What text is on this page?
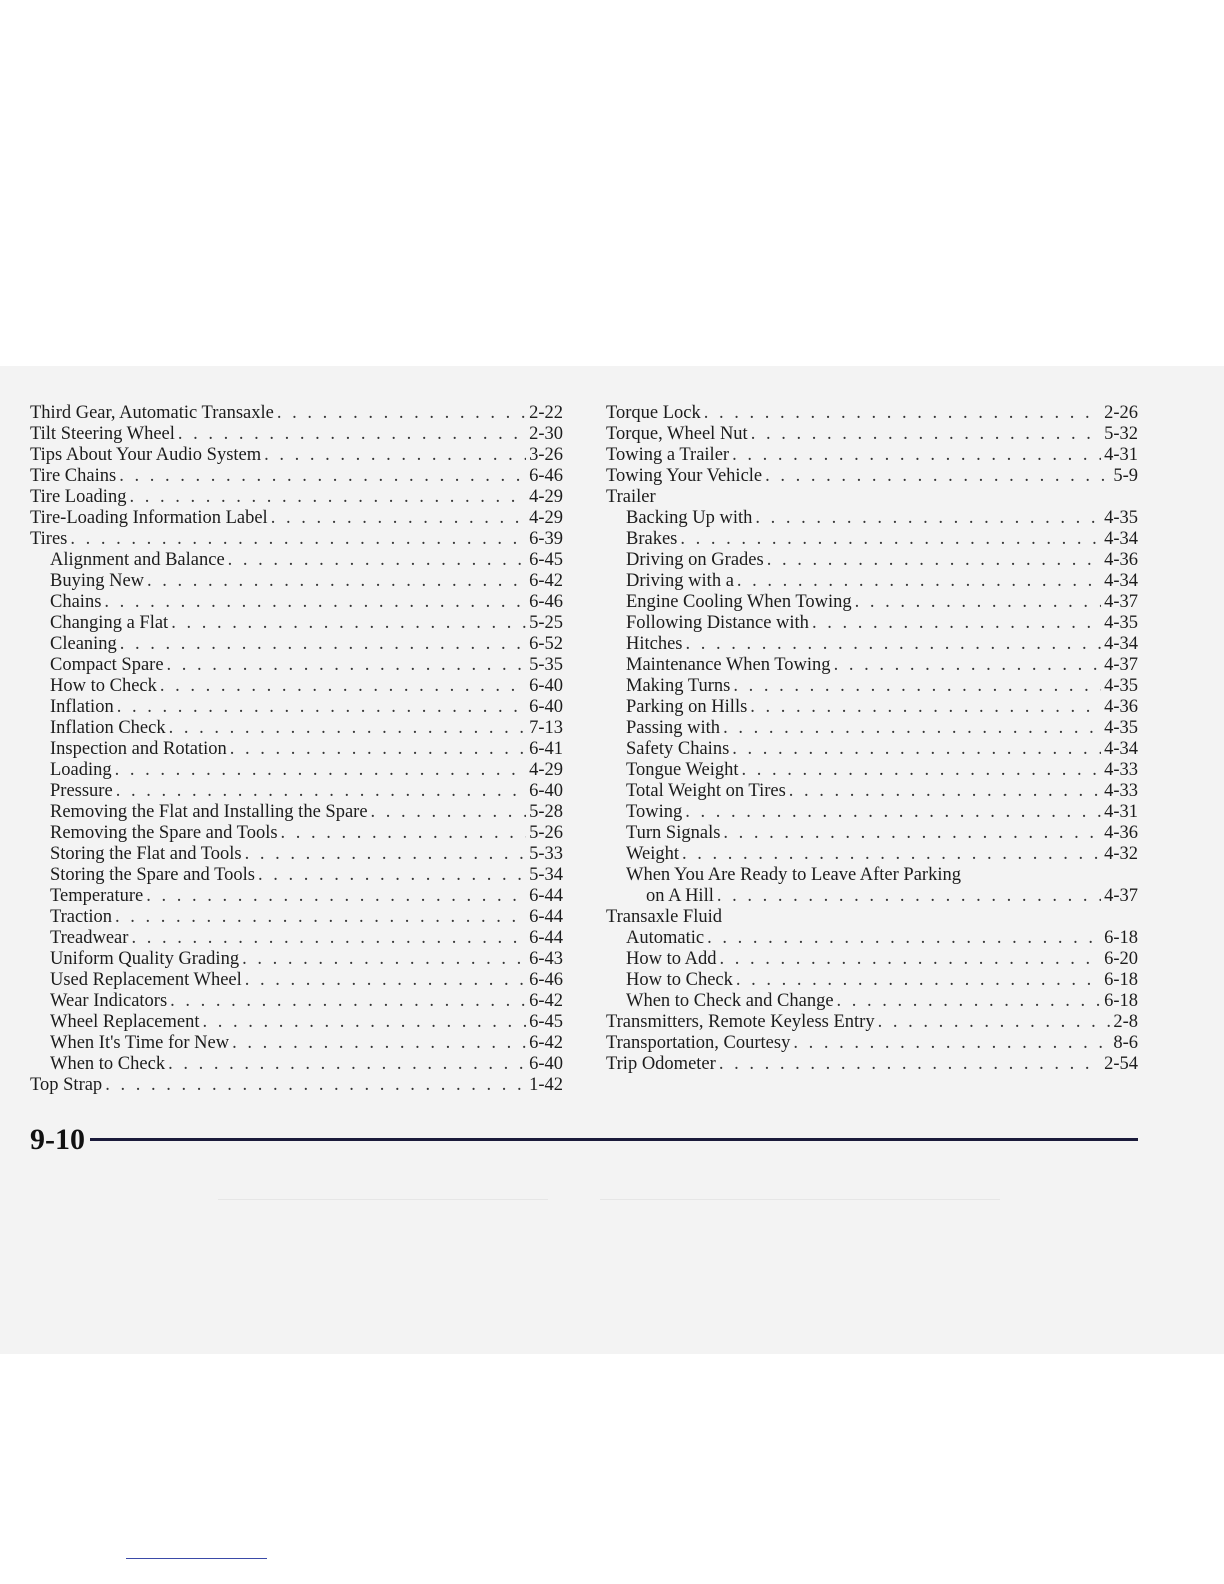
Third Gear, Automatic Transaxle . . .	2-22
Tilt Steering Wheel . . .	2-30
Tips About Your Audio System . . .	3-26
Tire Chains . . .	6-46
Tire Loading . . .	4-29
Tire-Loading Information Label . . .	4-29
Tires . . .	6-39
Alignment and Balance . . .	6-45
Buying New . . .	6-42
Chains . . .	6-46
Changing a Flat . . .	5-25
Cleaning . . .	6-52
Compact Spare . . .	5-35
How to Check . . .	6-40
Inflation . . .	6-40
Inflation Check . . .	7-13
Inspection and Rotation . . .	6-41
Loading . . .	4-29
Pressure . . .	6-40
Removing the Flat and Installing the Spare . . .	5-28
Removing the Spare and Tools . . .	5-26
Storing the Flat and Tools . . .	5-33
Storing the Spare and Tools . . .	5-34
Temperature . . .	6-44
Traction . . .	6-44
Treadwear . . .	6-44
Uniform Quality Grading . . .	6-43
Used Replacement Wheel . . .	6-46
Wear Indicators . . .	6-42
Wheel Replacement . . .	6-45
When It's Time for New . . .	6-42
When to Check . . .	6-40
Top Strap . . .	1-42
Torque Lock . . .	2-26
Torque, Wheel Nut . . .	5-32
Towing a Trailer . . .	4-31
Towing Your Vehicle . . .	5-9
Trailer
Backing Up with . . .	4-35
Brakes . . .	4-34
Driving on Grades . . .	4-36
Driving with a . . .	4-34
Engine Cooling When Towing . . .	4-37
Following Distance with . . .	4-35
Hitches . . .	4-34
Maintenance When Towing . . .	4-37
Making Turns . . .	4-35
Parking on Hills . . .	4-36
Passing with . . .	4-35
Safety Chains . . .	4-34
Tongue Weight . . .	4-33
Total Weight on Tires . . .	4-33
Towing . . .	4-31
Turn Signals . . .	4-36
Weight . . .	4-32
When You Are Ready to Leave After Parking
on A Hill . . .	4-37
Transaxle Fluid
Automatic . . .	6-18
How to Add . . .	6-20
How to Check . . .	6-18
When to Check and Change . . .	6-18
Transmitters, Remote Keyless Entry . . .	2-8
Transportation, Courtesy . . .	8-6
Trip Odometer . . .	2-54
9-10
